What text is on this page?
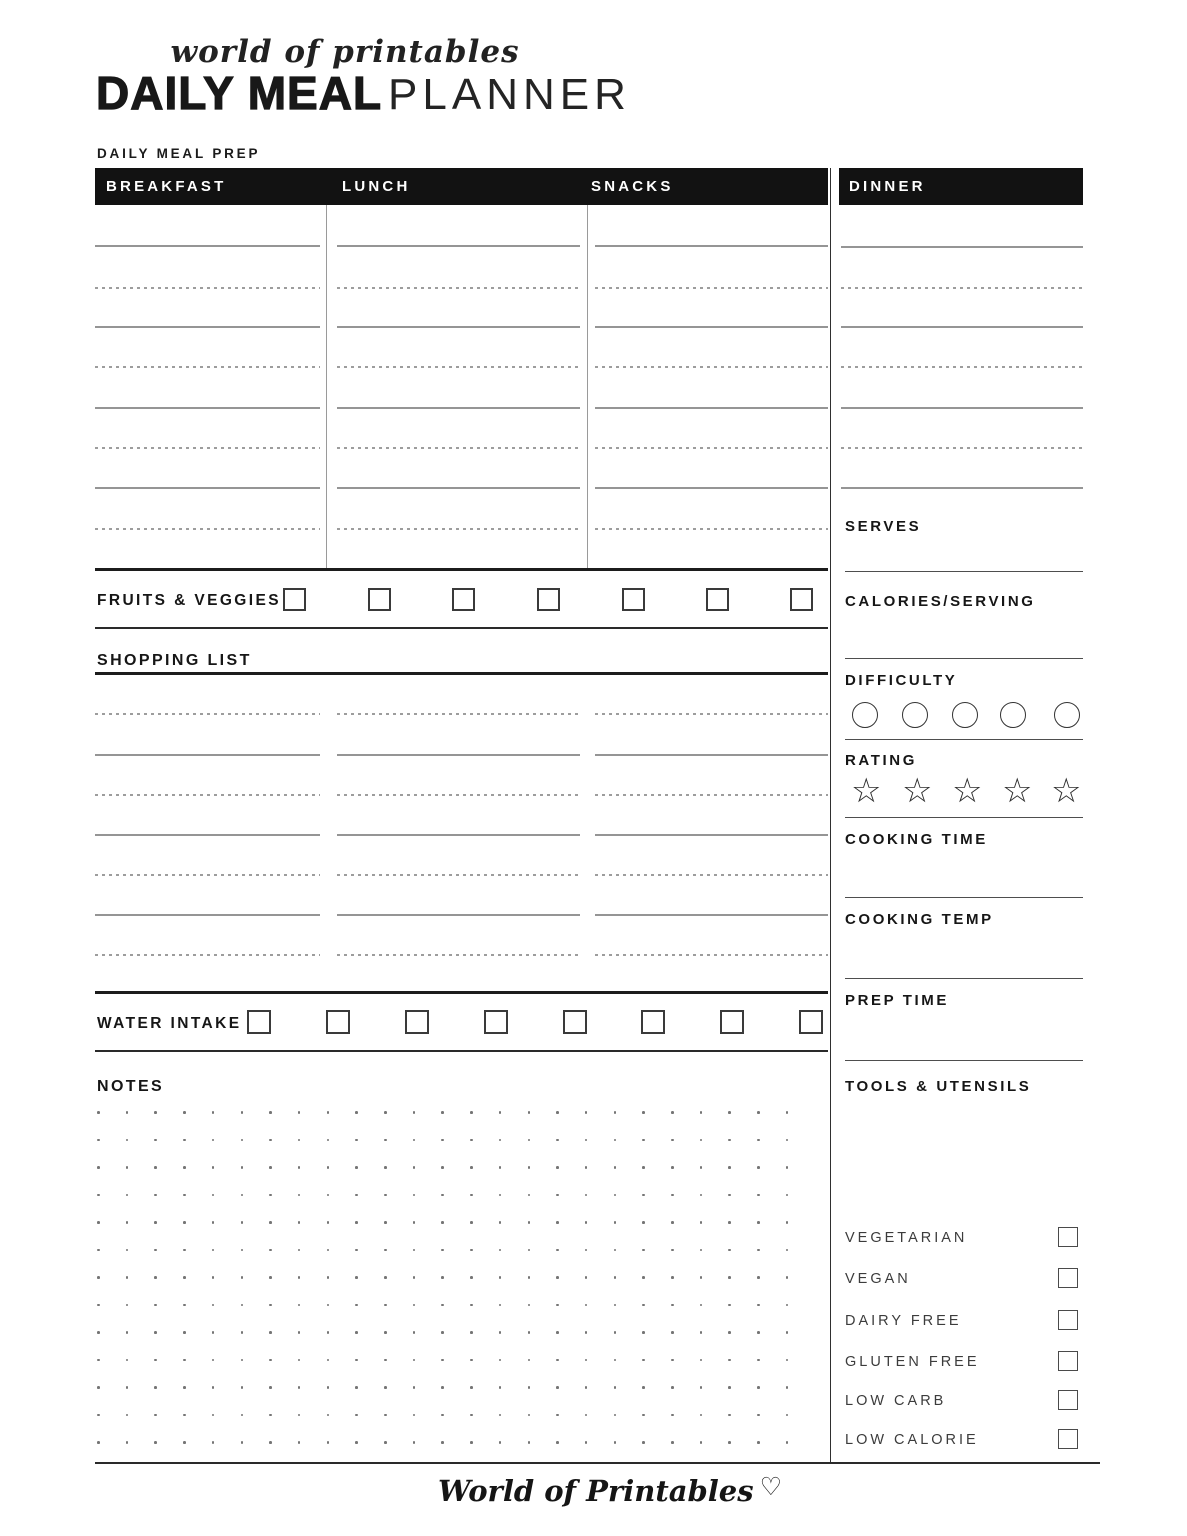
world of printables
DAILY MEAL PLANNER
DAILY MEAL PREP
BREAKFAST	LUNCH	SNACKS	DINNER
FRUITS & VEGGIES
SHOPPING LIST
WATER INTAKE
NOTES
SERVES
CALORIES/SERVING
DIFFICULTY
RATING
COOKING TIME
COOKING TEMP
PREP TIME
TOOLS & UTENSILS
World of Printables ♡
☆ ☆ ☆ ☆ ☆
VEGETARIAN
VEGAN
DAIRY FREE
GLUTEN FREE
LOW CARB
LOW CALORIE
